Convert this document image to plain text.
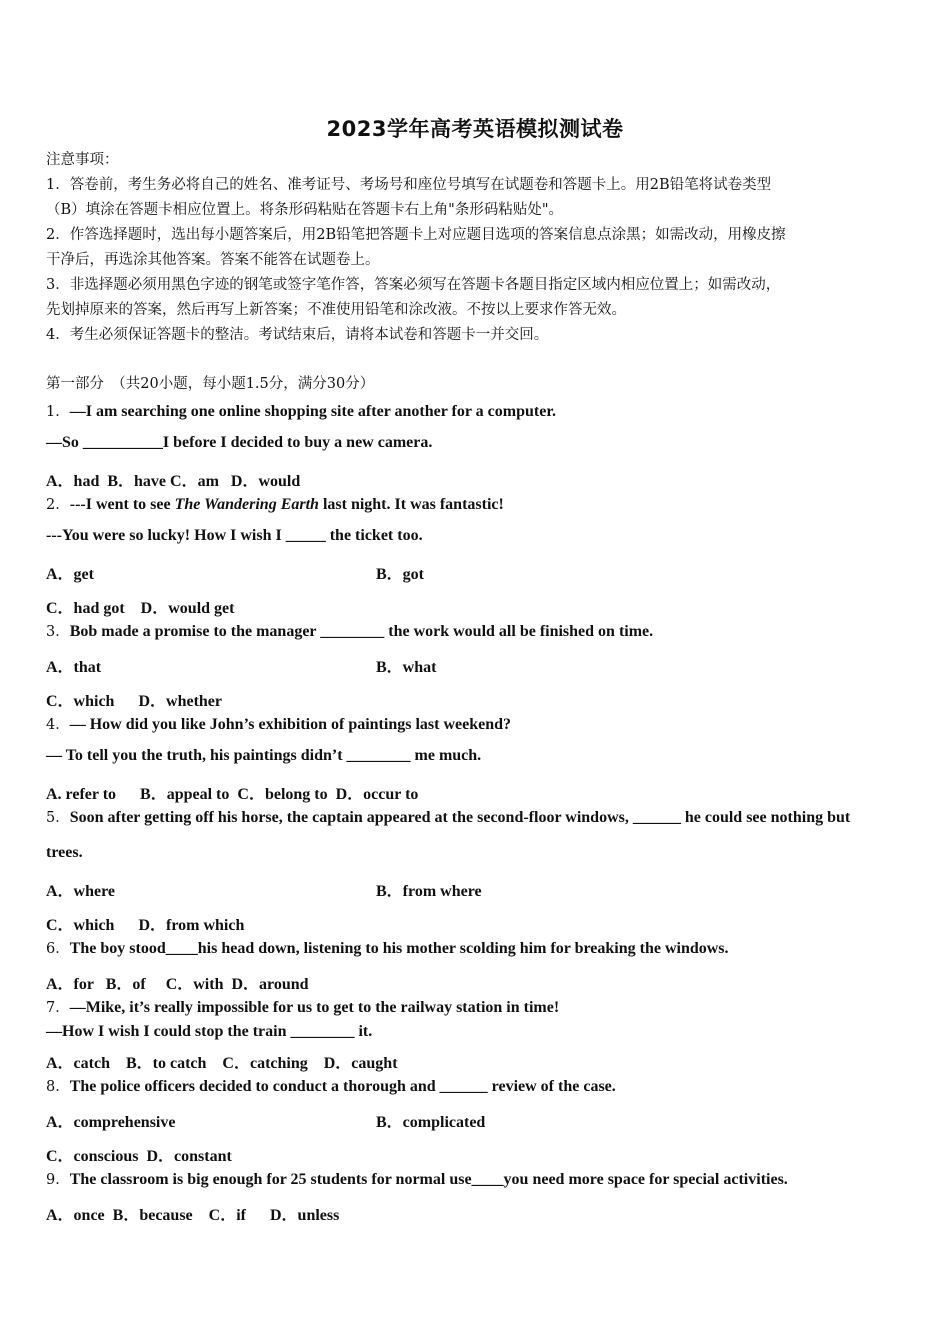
2023学年高考英语模拟测试卷
注意事项：
1．答卷前，考生务必将自己的姓名、准考证号、考场号和座位号填写在试题卷和答题卡上。用2B铅笔将试卷类型
（B）填涂在答题卡相应位置上。将条形码粘贴在答题卡右上角"条形码粘贴处"。
2．作答选择题时，选出每小题答案后，用2B铅笔把答题卡上对应题目选项的答案信息点涂黑；如需改动，用橡皮擦
干净后，再选涂其他答案。答案不能答在试题卷上。
3．非选择题必须用黑色字迹的钢笔或签字笔作答，答案必须写在答题卡各题目指定区域内相应位置上；如需改动，
先划掉原来的答案，然后再写上新答案；不准使用铅笔和涂改液。不按以上要求作答无效。
4．考生必须保证答题卡的整洁。考试结束后，请将本试卷和答题卡一并交回。
第一部分　（共20小题，每小题1.5分，满分30分）
1．—I am searching one online shopping site after another for a computer.
—So __________I before I decided to buy a new camera.
A．had  B．have C．am   D．would
2．---I went to see The Wandering Earth last night. It was fantastic!
---You were so lucky! How I wish I _____ the ticket too.
A．get	B．got
C．had got    D．would get
3．Bob made a promise to the manager ________ the work would all be finished on time.
A．that	B．what
C．which      D．whether
4．— How did you like John’s exhibition of paintings last weekend?
— To tell you the truth, his paintings didn’t ________ me much.
A. refer to      B．appeal to  C．belong to  D．occur to
5．Soon after getting off his horse, the captain appeared at the second-floor windows, ______ he could see nothing but
trees.
A．where	B．from where
C．which      D．from which
6．The boy stood____his head down, listening to his mother scolding him for breaking the windows.
A．for   B．of     C．with  D．around
7．—Mike, it’s really impossible for us to get to the railway station in time!
—How I wish I could stop the train ________ it.
A．catch    B．to catch    C．catching    D．caught
8．The police officers decided to conduct a thorough and ______ review of the case.
A．comprehensive	B．complicated
C．conscious  D．constant
9．The classroom is big enough for 25 students for normal use____you need more space for special activities.
A．once  B．because    C．if      D．unless
